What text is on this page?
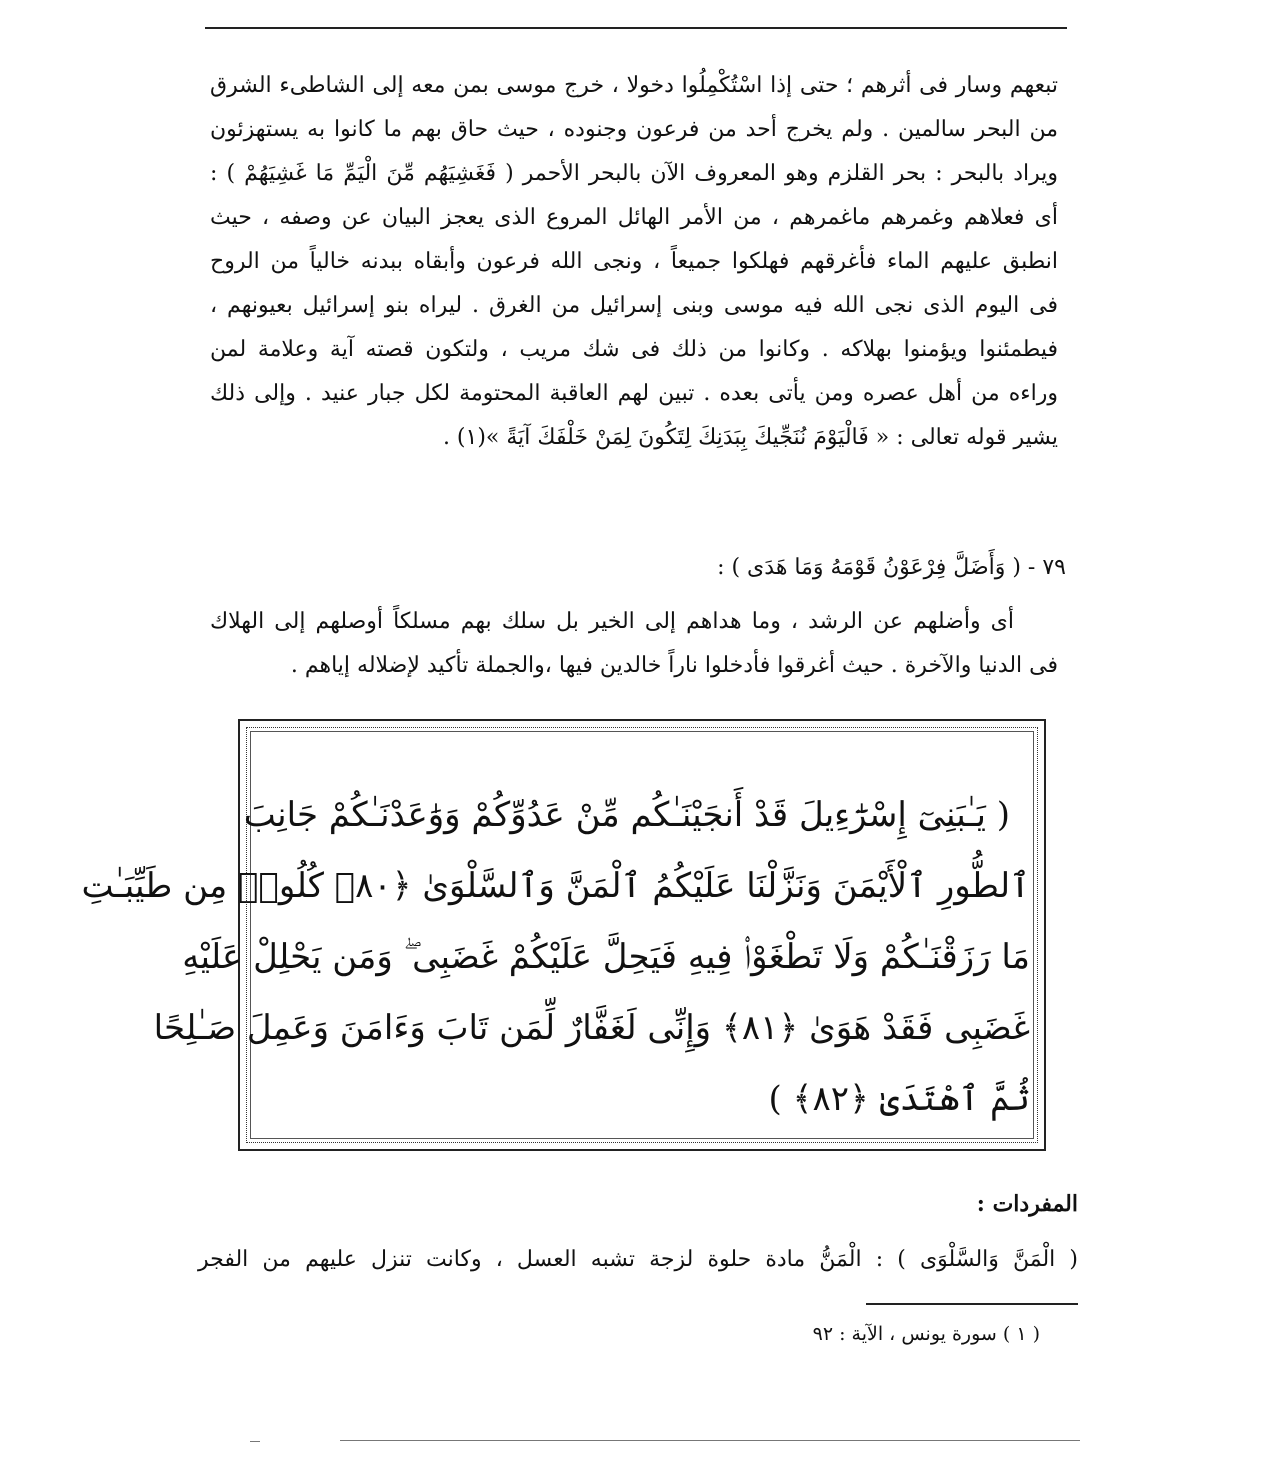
تبعهم وسار فى أثرهم ؛ حتى إذا اسْتُكْمِلُوا دخولا ، خرج موسى بمن معه إلى الشاطىء الشرق
من البحر سالمين . ولم يخرج أحد من فرعون وجنوده ، حيث حاق بهم ما كانوا به يستهزئون
ويراد بالبحر : بحر القلزم وهو المعروف الآن بالبحر الأحمر ( فَغَشِيَهُم مِّنَ الْيَمِّ مَا غَشِيَهُمْ ) :
أى فعلاهم وغمرهم ماغمرهم ، من الأمر الهائل المروع الذى يعجز البيان عن وصفه ، حيث
انطبق عليهم الماء فأغرقهم فهلكوا جميعاً ، ونجى الله فرعون وأبقاه ببدنه خالياً من الروح
فى اليوم الذى نجى الله فيه موسى وبنى إسرائيل من الغرق . ليراه بنو إسرائيل بعيونهم ،
فيطمئنوا ويؤمنوا بهلاكه . وكانوا من ذلك فى شك مريب ، ولتكون قصته آية وعلامة لمن
وراءه من أهل عصره ومن يأتى بعده . تبين لهم العاقبة المحتومة لكل جبار عنيد . وإلى ذلك
يشير قوله تعالى : « فَالْيَوْمَ نُنَجِّيكَ بِبَدَنِكَ لِتَكُونَ لِمَنْ خَلْفَكَ آيَةً »(١) .
٧٩ - ( وَأَضَلَّ فِرْعَوْنُ قَوْمَهُ وَمَا هَدَى ) :
أى وأضلهم عن الرشد ، وما هداهم إلى الخير بل سلك بهم مسلكاً أوصلهم إلى الهلاك
فى الدنيا والآخرة . حيث أغرقوا فأدخلوا ناراً خالدين فيها ،والجملة تأكيد لإضلاله إياهم .
( يَـٰبَنِىٓ إِسْرَٰٓءِيلَ قَدْ أَنجَيْنَـٰكُم مِّنْ عَدُوِّكُمْ وَوَٰعَدْنَـٰكُمْ جَانِبَ
ٱلطُّورِ ٱلْأَيْمَنَ وَنَزَّلْنَا عَلَيْكُمُ ٱلْمَنَّ وَٱلسَّلْوَىٰ ﴿٨٠﴾ كُلُوا۟ مِن طَيِّبَـٰتِ
مَا رَزَقْنَـٰكُمْ وَلَا تَطْغَوْا۟ فِيهِ فَيَحِلَّ عَلَيْكُمْ غَضَبِى ۖ وَمَن يَحْلِلْ عَلَيْهِ
غَضَبِى فَقَدْ هَوَىٰ ﴿٨١﴾ وَإِنِّى لَغَفَّارٌ لِّمَن تَابَ وَءَامَنَ وَعَمِلَ صَـٰلِحًا
ثُمَّ ٱهْتَدَىٰ ﴿٨٢﴾ )
المفردات :
( الْمَنَّ وَالسَّلْوَى ) : الْمَنُّ مادة حلوة لزجة تشبه العسل ، وكانت تنزل عليهم من الفجر
( ١ ) سورة يونس ، الآية : ٩٢
